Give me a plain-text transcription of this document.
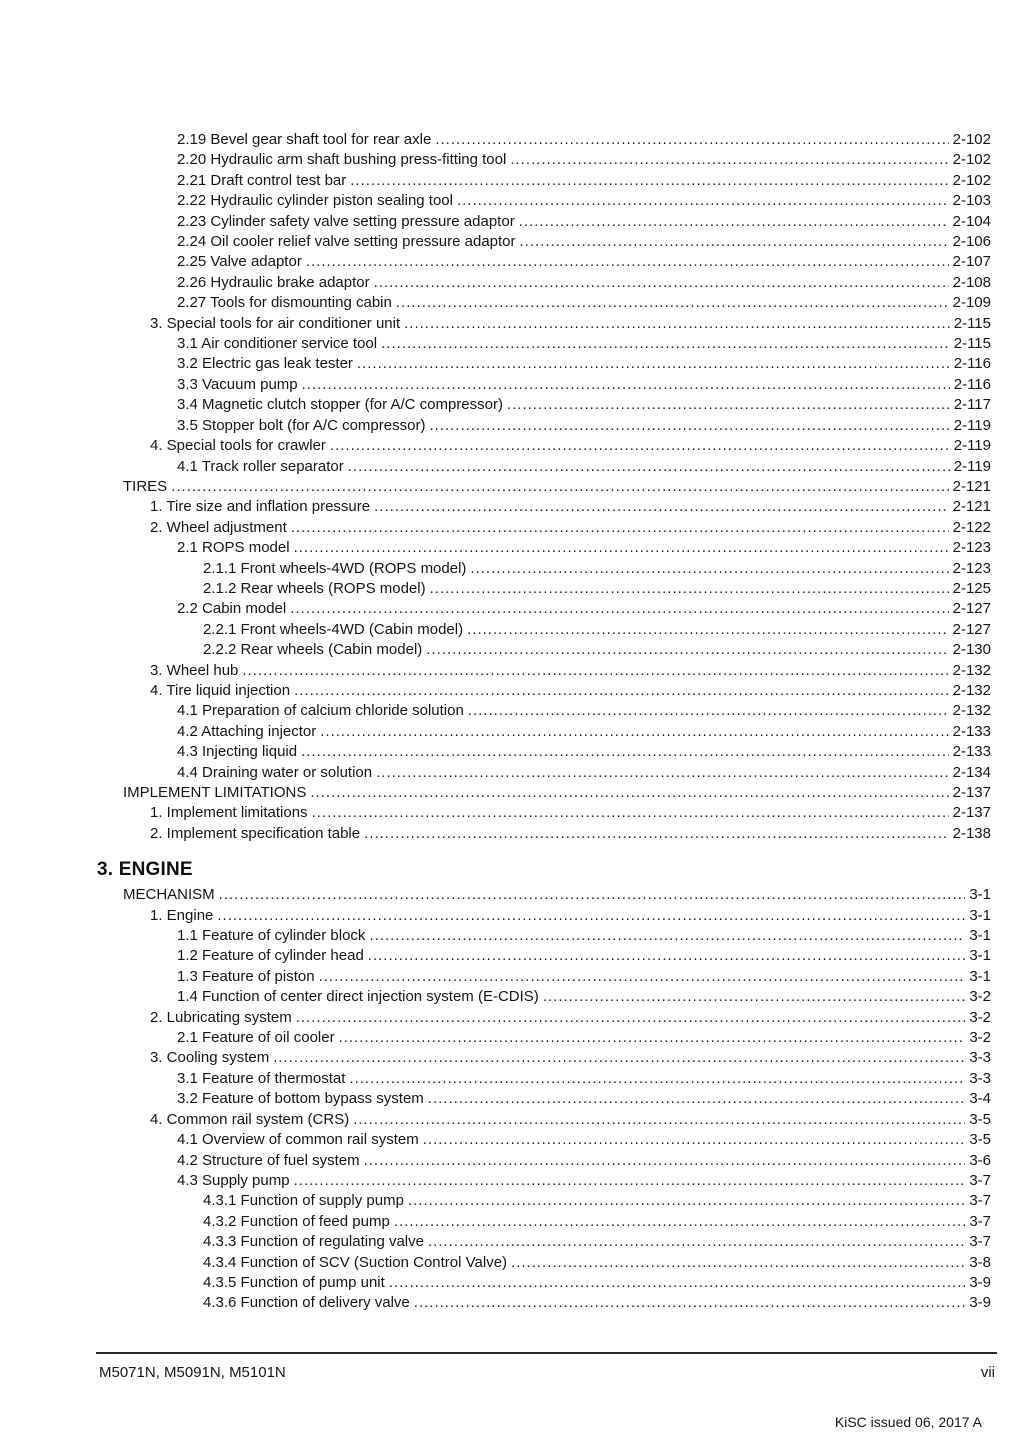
2.19 Bevel gear shaft tool for rear axle .....	2-102
2.20 Hydraulic arm shaft bushing press-fitting tool .....	2-102
2.21 Draft control test bar .....	2-102
2.22 Hydraulic cylinder piston sealing tool .....	2-103
2.23 Cylinder safety valve setting pressure adaptor .....	2-104
2.24 Oil cooler relief valve setting pressure adaptor .....	2-106
2.25 Valve adaptor .....	2-107
2.26 Hydraulic brake adaptor .....	2-108
2.27 Tools for dismounting cabin .....	2-109
3. Special tools for air conditioner unit .....	2-115
3.1 Air conditioner service tool .....	2-115
3.2 Electric gas leak tester .....	2-116
3.3 Vacuum pump .....	2-116
3.4 Magnetic clutch stopper (for A/C compressor) .....	2-117
3.5 Stopper bolt (for A/C compressor) .....	2-119
4. Special tools for crawler .....	2-119
4.1 Track roller separator .....	2-119
TIRES .....	2-121
1. Tire size and inflation pressure .....	2-121
2. Wheel adjustment .....	2-122
2.1 ROPS model .....	2-123
2.1.1 Front wheels-4WD (ROPS model) .....	2-123
2.1.2 Rear wheels (ROPS model) .....	2-125
2.2 Cabin model .....	2-127
2.2.1 Front wheels-4WD (Cabin model) .....	2-127
2.2.2 Rear wheels (Cabin model) .....	2-130
3. Wheel hub .....	2-132
4. Tire liquid injection .....	2-132
4.1 Preparation of calcium chloride solution .....	2-132
4.2 Attaching injector .....	2-133
4.3 Injecting liquid .....	2-133
4.4 Draining water or solution .....	2-134
IMPLEMENT LIMITATIONS .....	2-137
1. Implement limitations .....	2-137
2. Implement specification table .....	2-138
3. ENGINE
MECHANISM .....	3-1
1. Engine .....	3-1
1.1 Feature of cylinder block .....	3-1
1.2 Feature of cylinder head .....	3-1
1.3 Feature of piston .....	3-1
1.4 Function of center direct injection system (E-CDIS) .....	3-2
2. Lubricating system .....	3-2
2.1 Feature of oil cooler .....	3-2
3. Cooling system .....	3-3
3.1 Feature of thermostat .....	3-3
3.2 Feature of bottom bypass system .....	3-4
4. Common rail system (CRS) .....	3-5
4.1 Overview of common rail system .....	3-5
4.2 Structure of fuel system .....	3-6
4.3 Supply pump .....	3-7
4.3.1 Function of supply pump .....	3-7
4.3.2 Function of feed pump .....	3-7
4.3.3 Function of regulating valve .....	3-7
4.3.4 Function of SCV (Suction Control Valve) .....	3-8
4.3.5 Function of pump unit .....	3-9
4.3.6 Function of delivery valve .....	3-9
M5071N, M5091N, M5101N	vii
KiSC issued 06, 2017 A
